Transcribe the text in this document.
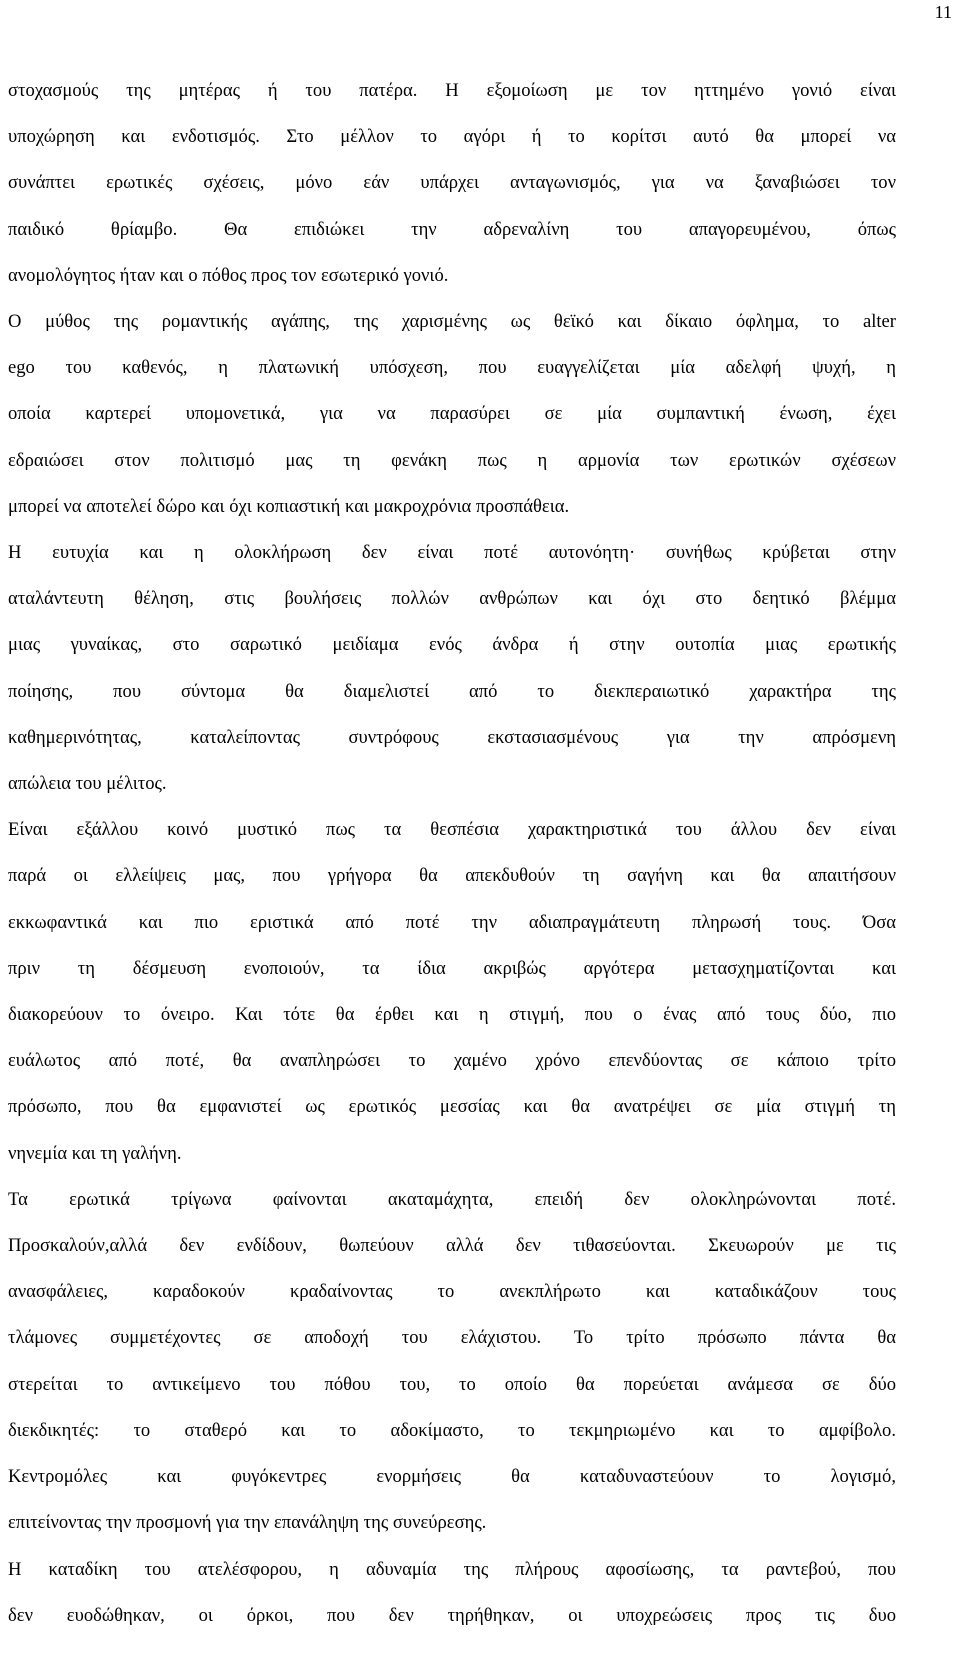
11

στοχασμούς της μητέρας ή του πατέρα. Η εξομοίωση με τον ηττημένο γονιό είναι
υποχώρηση και ενδοτισμός. Στο μέλλον το αγόρι ή το κορίτσι αυτό θα μπορεί να
συνάπτει ερωτικές σχέσεις, μόνο εάν υπάρχει ανταγωνισμός, για να ξαναβιώσει τον
παιδικό θρίαμβο. Θα επιδιώκει την αδρεναλίνη του απαγορευμένου, όπως
ανομολόγητος ήταν και ο πόθος προς τον εσωτερικό γονιό.

Ο μύθος της ρομαντικής αγάπης, της χαρισμένης ως θεϊκό και δίκαιο όφλημα, το alter
ego του καθενός, η πλατωνική υπόσχεση, που ευαγγελίζεται μία αδελφή ψυχή, η
οποία καρτερεί υπομονετικά, για να παρασύρει σε μία συμπαντική ένωση, έχει
εδραιώσει στον πολιτισμό μας τη φενάκη πως η αρμονία των ερωτικών σχέσεων
μπορεί να αποτελεί δώρο και όχι κοπιαστική και μακροχρόνια προσπάθεια.

Η ευτυχία και η ολοκλήρωση δεν είναι ποτέ αυτονόητη· συνήθως κρύβεται στην
αταλάντευτη θέληση, στις βουλήσεις πολλών ανθρώπων και όχι στο δεητικό βλέμμα
μιας γυναίκας, στο σαρωτικό μειδίαμα ενός άνδρα ή στην ουτοπία μιας ερωτικής
ποίησης, που σύντομα θα διαμελιστεί από το διεκπεραιωτικό χαρακτήρα της
καθημερινότητας, καταλείποντας συντρόφους εκστασιασμένους για την απρόσμενη
απώλεια του μέλιτος.

Είναι εξάλλου κοινό μυστικό πως τα θεσπέσια χαρακτηριστικά του άλλου δεν είναι
παρά οι ελλείψεις μας, που γρήγορα θα απεκδυθούν τη σαγήνη και θα απαιτήσουν
εκκωφαντικά και πιο εριστικά από ποτέ την αδιαπραγμάτευτη πληρωσή τους. Όσα
πριν τη δέσμευση ενοποιούν, τα ίδια ακριβώς αργότερα μετασχηματίζονται και
διακορεύουν το όνειρο. Και τότε θα έρθει και η στιγμή, που ο ένας από τους δύο, πιο
ευάλωτος από ποτέ, θα αναπληρώσει το χαμένο χρόνο επενδύοντας σε κάποιο τρίτο
πρόσωπο, που θα εμφανιστεί ως ερωτικός μεσσίας και θα ανατρέψει σε μία στιγμή τη
νηνεμία και τη γαλήνη.

Τα ερωτικά τρίγωνα φαίνονται ακαταμάχητα, επειδή δεν ολοκληρώνονται ποτέ.
Προσκαλούν,αλλά δεν ενδίδουν, θωπεύουν αλλά δεν τιθασεύονται. Σκευωρούν με τις
ανασφάλειες, καραδοκούν κραδαίνοντας το ανεκπλήρωτο και καταδικάζουν τους
τλάμονες συμμετέχοντες σε αποδοχή του ελάχιστου. Το τρίτο πρόσωπο πάντα θα
στερείται το αντικείμενο του πόθου του, το οποίο θα πορεύεται ανάμεσα σε δύο
διεκδικητές: το σταθερό και το αδοκίμαστο, το τεκμηριωμένο και το αμφίβολο.
Κεντρομόλες και φυγόκεντρες ενορμήσεις θα καταδυναστεύουν το λογισμό,
επιτείνοντας την προσμονή για την επανάληψη της συνεύρεσης.

Η καταδίκη του ατελέσφορου, η αδυναμία της πλήρους αφοσίωσης, τα ραντεβού, που
δεν ευοδώθηκαν, οι όρκοι, που δεν τηρήθηκαν, οι υποχρεώσεις προς τις δυο
